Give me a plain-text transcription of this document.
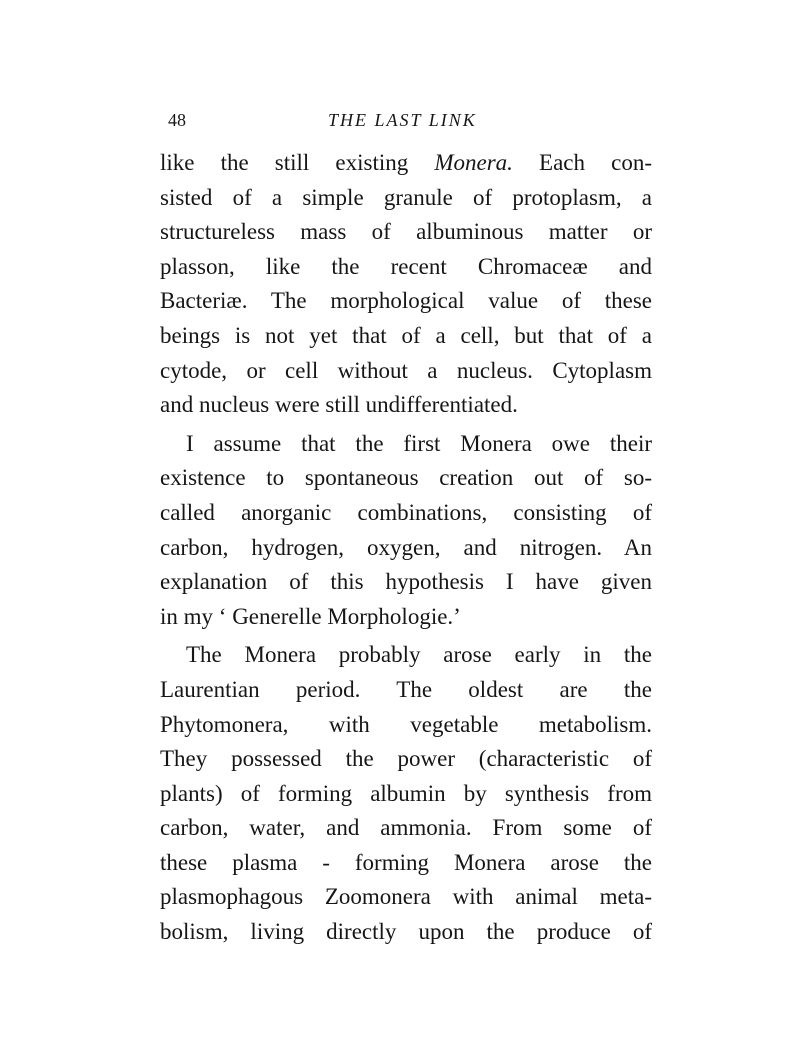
48	THE LAST LINK
like the still existing Monera. Each con-
sisted of a simple granule of protoplasm, a
structureless mass of albuminous matter or
plasson, like the recent Chromaceæ and
Bacteriæ. The morphological value of these
beings is not yet that of a cell, but that of a
cytode, or cell without a nucleus. Cytoplasm
and nucleus were still undifferentiated.
I assume that the first Monera owe their
existence to spontaneous creation out of so-
called anorganic combinations, consisting of
carbon, hydrogen, oxygen, and nitrogen. An
explanation of this hypothesis I have given
in my ‘ Generelle Morphologie.’
The Monera probably arose early in the
Laurentian period. The oldest are the
Phytomonera, with vegetable metabolism.
They possessed the power (characteristic of
plants) of forming albumin by synthesis from
carbon, water, and ammonia. From some of
these plasma - forming Monera arose the
plasmophagous Zoomonera with animal meta-
bolism, living directly upon the produce of
